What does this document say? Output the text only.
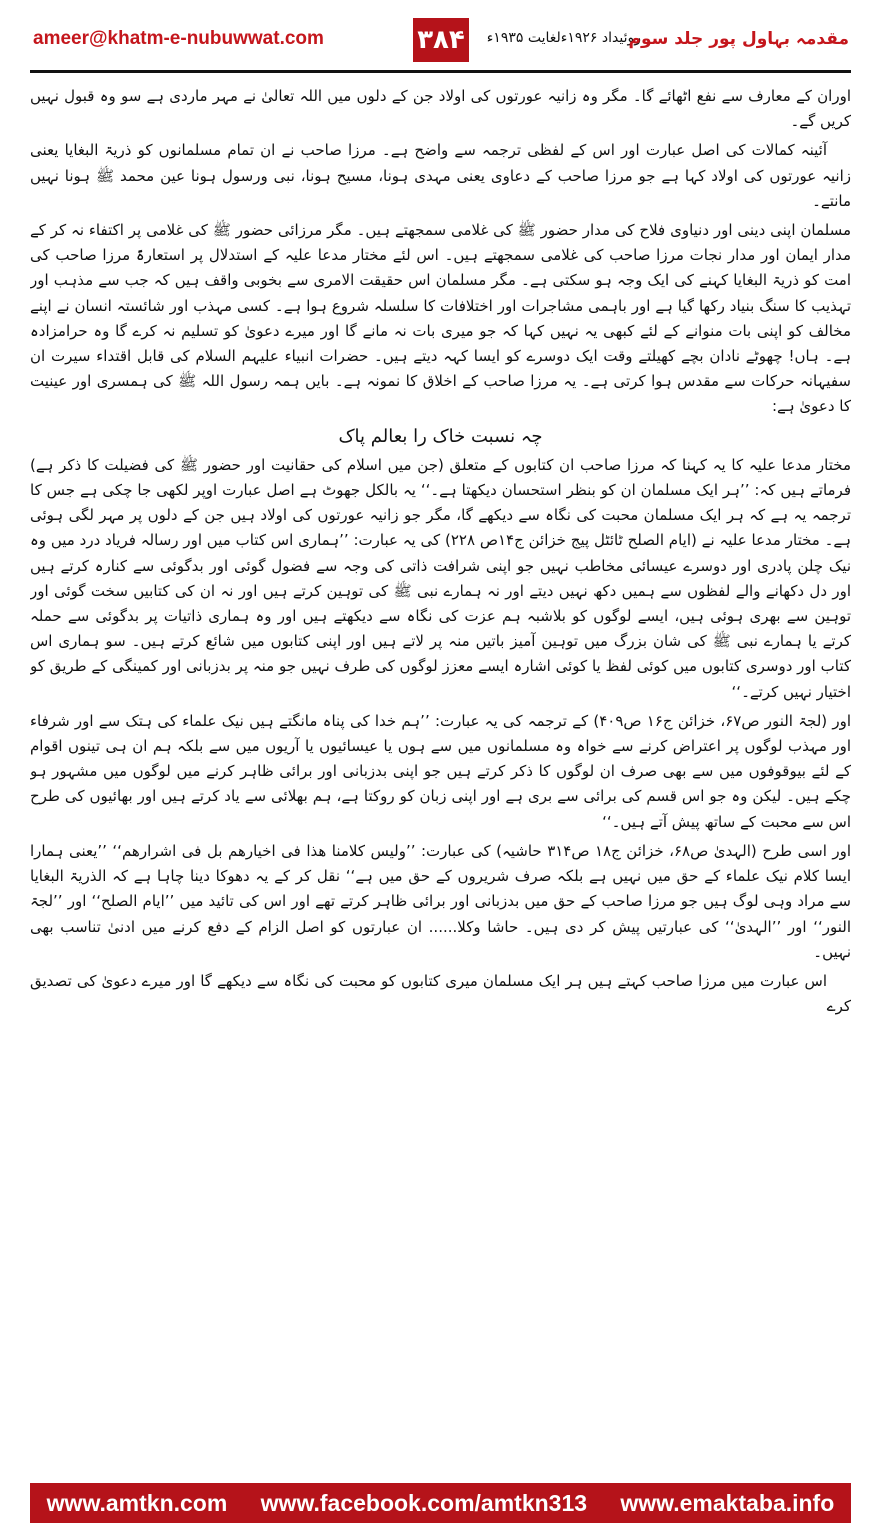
ameer@khatm-e-nubuwwat.com	۳۸۴	روئیداد ۱۹۲۶ءلغایت ۱۹۳۵ء
مقدمہ بہاول پور جلد سوم

اوران کے معارف سے نفع اٹھائے گا۔ مگر وہ زانیہ عورتوں کی اولاد جن کے دلوں میں اللہ تعالیٰ نے مہر ماردی ہے سو وہ قبول نہیں کریں گے۔

آئینہ کمالات کی اصل عبارت اور اس کے لفظی ترجمہ سے واضح ہے۔ مرزا صاحب نے ان تمام مسلمانوں کو ذریۃ البغایا یعنی زانیہ عورتوں کی اولاد کہا ہے جو مرزا صاحب کے دعاوی یعنی مہدی ہونا، مسیح ہونا، نبی ورسول ہونا عین محمد ﷺ ہونا نہیں مانتے۔

مسلمان اپنی دینی اور دنیاوی فلاح کی مدار حضور ﷺ کی غلامی سمجھتے ہیں۔ مگر مرزائی حضور ﷺ کی غلامی پر اکتفاء نہ کر کے مدار ایمان اور مدار نجات مرزا صاحب کی غلامی سمجھتے ہیں۔ اس لئے مختار مدعا علیہ کے استدلال پر استعارۃً مرزا صاحب کی امت کو ذریۃ البغایا کہنے کی ایک وجہ ہو سکتی ہے۔ مگر مسلمان اس حقیقت الامری سے بخوبی واقف ہیں کہ جب سے مذہب اور تہذیب کا سنگ بنیاد رکھا گیا ہے اور باہمی مشاجرات اور اختلافات کا سلسلہ شروع ہوا ہے۔ کسی مہذب اور شائستہ انسان نے اپنے مخالف کو اپنی بات منوانے کے لئے کبھی یہ نہیں کہا کہ جو میری بات نہ مانے گا اور میرے دعویٰ کو تسلیم نہ کرے گا وہ حرامزادہ ہے۔ ہاں! چھوٹے نادان بچے کھیلتے وقت ایک دوسرے کو ایسا کہہ دیتے ہیں۔ حضرات انبیاء علیہم السلام کی قابل اقتداء سیرت ان سفیہانہ حرکات سے مقدس ہوا کرتی ہے۔ یہ مرزا صاحب کے اخلاق کا نمونہ ہے۔ بایں ہمہ رسول اللہ ﷺ کی ہمسری اور عینیت کا دعویٰ ہے:

چہ نسبت خاک را بعالم پاک

مختار مدعا علیہ کا یہ کہنا کہ مرزا صاحب ان کتابوں کے متعلق (جن میں اسلام کی حقانیت اور حضور ﷺ کی فضیلت کا ذکر ہے) فرماتے ہیں کہ: ’’ہر ایک مسلمان ان کو بنظر استحسان دیکھتا ہے۔‘‘ یہ بالکل جھوٹ ہے اصل عبارت اوپر لکھی جا چکی ہے جس کا ترجمہ یہ ہے کہ ہر ایک مسلمان محبت کی نگاہ سے دیکھے گا، مگر جو زانیہ عورتوں کی اولاد ہیں جن کے دلوں پر مہر لگی ہوئی ہے۔ مختار مدعا علیہ نے (ایام الصلح ٹائٹل پیج خزائن ج۱۴ص ۲۲۸) کی یہ عبارت: ’’ہماری اس کتاب میں اور رسالہ فریاد درد میں وہ نیک چلن پادری اور دوسرے عیسائی مخاطب نہیں جو اپنی شرافت ذاتی کی وجہ سے فضول گوئی اور بدگوئی سے کنارہ کرتے ہیں اور دل دکھانے والے لفظوں سے ہمیں دکھ نہیں دیتے اور نہ ہمارے نبی ﷺ کی توہین کرتے ہیں اور نہ ان کی کتابیں سخت گوئی اور توہین سے بھری ہوئی ہیں، ایسے لوگوں کو بلاشبہ ہم عزت کی نگاہ سے دیکھتے ہیں اور وہ ہماری ذاتیات پر بدگوئی سے حملہ کرتے یا ہمارے نبی ﷺ کی شان بزرگ میں توہین آمیز باتیں منہ پر لاتے ہیں اور اپنی کتابوں میں شائع کرتے ہیں۔ سو ہماری اس کتاب اور دوسری کتابوں میں کوئی لفظ یا کوئی اشارہ ایسے معزز لوگوں کی طرف نہیں جو منہ پر بدزبانی اور کمینگی کے طریق کو اختیار نہیں کرتے۔‘‘

اور (لجۃ النور ص۶۷، خزائن ج۱۶ ص۴۰۹) کے ترجمہ کی یہ عبارت: ’’ہم خدا کی پناہ مانگتے ہیں نیک علماء کی ہتک سے اور شرفاء اور مہذب لوگوں پر اعتراض کرنے سے خواہ وہ مسلمانوں میں سے ہوں یا عیسائیوں یا آریوں میں سے بلکہ ہم ان ہی تینوں اقوام کے لئے بیوقوفوں میں سے بھی صرف ان لوگوں کا ذکر کرتے ہیں جو اپنی بدزبانی اور برائی ظاہر کرنے میں لوگوں میں مشہور ہو چکے ہیں۔ لیکن وہ جو اس قسم کی برائی سے بری ہے اور اپنی زبان کو روکتا ہے، ہم بھلائی سے یاد کرتے ہیں اور بھائیوں کی طرح اس سے محبت کے ساتھ پیش آتے ہیں۔‘‘

اور اسی طرح (الہدیٰ ص۶۸، خزائن ج۱۸ ص۳۱۴ حاشیہ) کی عبارت: ’’ولیس کلامنا ھذا فی اخیارھم بل فی اشرارھم‘‘ ’’یعنی ہمارا ایسا کلام نیک علماء کے حق میں نہیں ہے بلکہ صرف شریروں کے حق میں ہے‘‘ نقل کر کے یہ دھوکا دینا چاہا ہے کہ الذریۃ البغایا سے مراد وہی لوگ ہیں جو مرزا صاحب کے حق میں بدزبانی اور برائی ظاہر کرتے تھے اور اس کی تائید میں ’’ایام الصلح‘‘ اور ’’لجۃ النور‘‘ اور ’’الہدیٰ‘‘ کی عبارتیں پیش کر دی ہیں۔ حاشا وکلا...... ان عبارتوں کو اصل الزام کے دفع کرنے میں ادنیٰ تناسب بھی نہیں۔

اس عبارت میں مرزا صاحب کہتے ہیں ہر ایک مسلمان میری کتابوں کو محبت کی نگاہ سے دیکھے گا اور میرے دعویٰ کی تصدیق کرے

www.amtkn.com www.facebook.com/amtkn313 www.emaktaba.info
